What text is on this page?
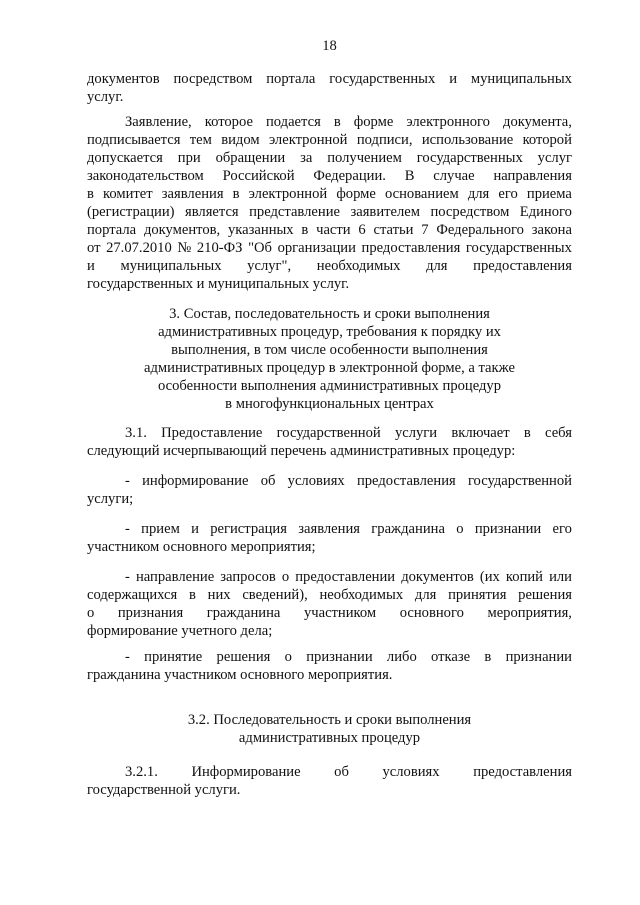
18
документов посредством портала государственных и муниципальных
услуг.
Заявление, которое подается в форме электронного документа,
подписывается тем видом электронной подписи, использование которой
допускается при обращении за получением государственных услуг
законодательством Российской Федерации. В случае направления
в комитет заявления в электронной форме основанием для его приема
(регистрации) является представление заявителем посредством Единого
портала документов, указанных в части 6 статьи 7 Федерального закона
от 27.07.2010 № 210-ФЗ "Об организации предоставления государственных
и муниципальных услуг", необходимых для предоставления
государственных и муниципальных услуг.
3. Состав, последовательность и сроки выполнения
административных процедур, требования к порядку их
выполнения, в том числе особенности выполнения
административных процедур в электронной форме, а также
особенности выполнения административных процедур
в многофункциональных центрах
3.1. Предоставление государственной услуги включает в себя
следующий исчерпывающий перечень административных процедур:
- информирование об условиях предоставления государственной
услуги;
- прием и регистрация заявления гражданина о признании его
участником основного мероприятия;
- направление запросов о предоставлении документов (их копий или
содержащихся в них сведений), необходимых для принятия решения
о признания гражданина участником основного мероприятия,
формирование учетного дела;
- принятие решения о признании либо отказе в признании
гражданина участником основного мероприятия.
3.2. Последовательность и сроки выполнения
административных процедур
3.2.1. Информирование об условиях предоставления
государственной услуги.
